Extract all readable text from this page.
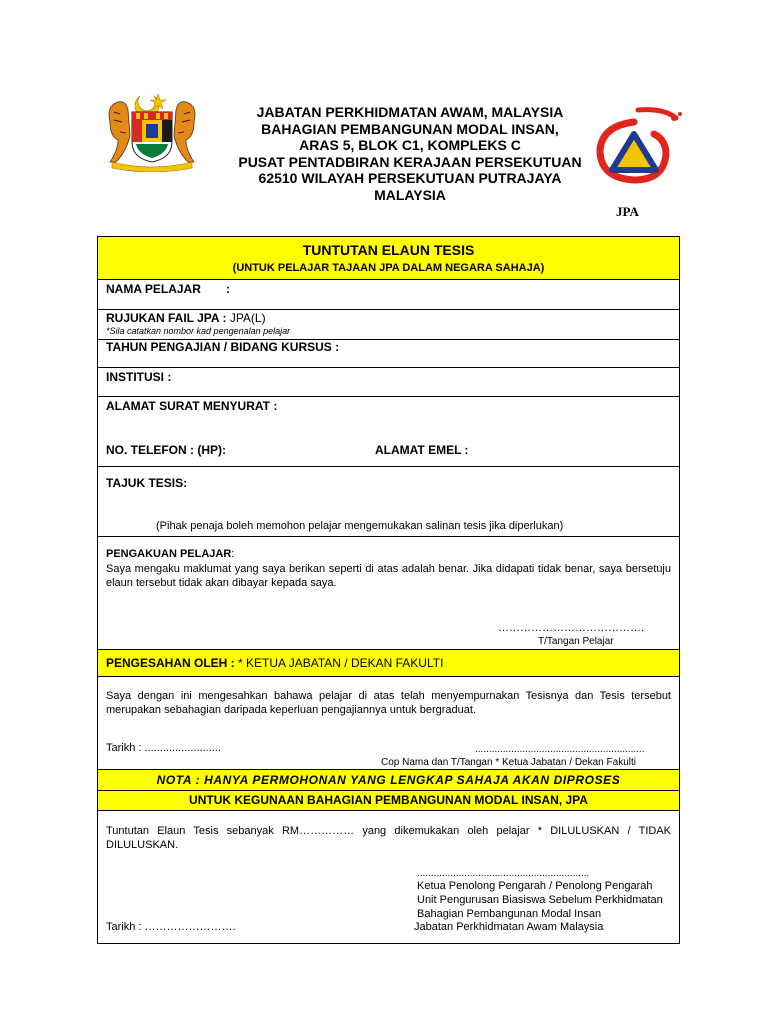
JABATAN PERKHIDMATAN AWAM, MALAYSIA
BAHAGIAN PEMBANGUNAN MODAL INSAN,
ARAS 5, BLOK C1, KOMPLEKS C
PUSAT PENTADBIRAN KERAJAAN PERSEKUTUAN
62510 WILAYAH PERSEKUTUAN PUTRAJAYA
MALAYSIA
JPA
TUNTUTAN ELAUN TESIS
(UNTUK PELAJAR TAJAAN JPA DALAM NEGARA SAHAJA)
NAMA PELAJAR :
RUJUKAN FAIL JPA : JPA(L)
*Sila catatkan nombor kad pengenalan pelajar
TAHUN PENGAJIAN / BIDANG KURSUS :
INSTITUSI :
ALAMAT SURAT MENYURAT :
NO. TELEFON : (HP):	ALAMAT EMEL :
TAJUK TESIS:
(Pihak penaja boleh memohon pelajar mengemukakan salinan tesis jika diperlukan)
PENGAKUAN PELAJAR:
Saya mengaku maklumat yang saya berikan seperti di atas adalah benar. Jika didapati tidak benar, saya bersetuju elaun tersebut tidak akan dibayar kepada saya.
………………………………….
T/Tangan Pelajar
PENGESAHAN OLEH : * KETUA JABATAN / DEKAN FAKULTI
Saya dengan ini mengesahkan bahawa pelajar di atas telah menyempurnakan Tesisnya dan Tesis tersebut merupakan sebahagian daripada keperluan pengajiannya untuk bergraduat.
Tarikh : .........................	.............................................................
Cop Nama dan T/Tangan * Ketua Jabatan / Dekan Fakulti
NOTA : HANYA PERMOHONAN YANG LENGKAP SAHAJA AKAN DIPROSES
UNTUK KEGUNAAN BAHAGIAN PEMBANGUNAN MODAL INSAN, JPA
Tuntutan Elaun Tesis sebanyak RM…………… yang dikemukakan oleh pelajar * DILULUSKAN / TIDAK DILULUSKAN.
..............................................................
Ketua Penolong Pengarah / Penolong Pengarah
Unit Pengurusan Biasiswa Sebelum Perkhidmatan
Bahagian Pembangunan Modal Insan
Jabatan Perkhidmatan Awam Malaysia
Tarikh : …………………….
